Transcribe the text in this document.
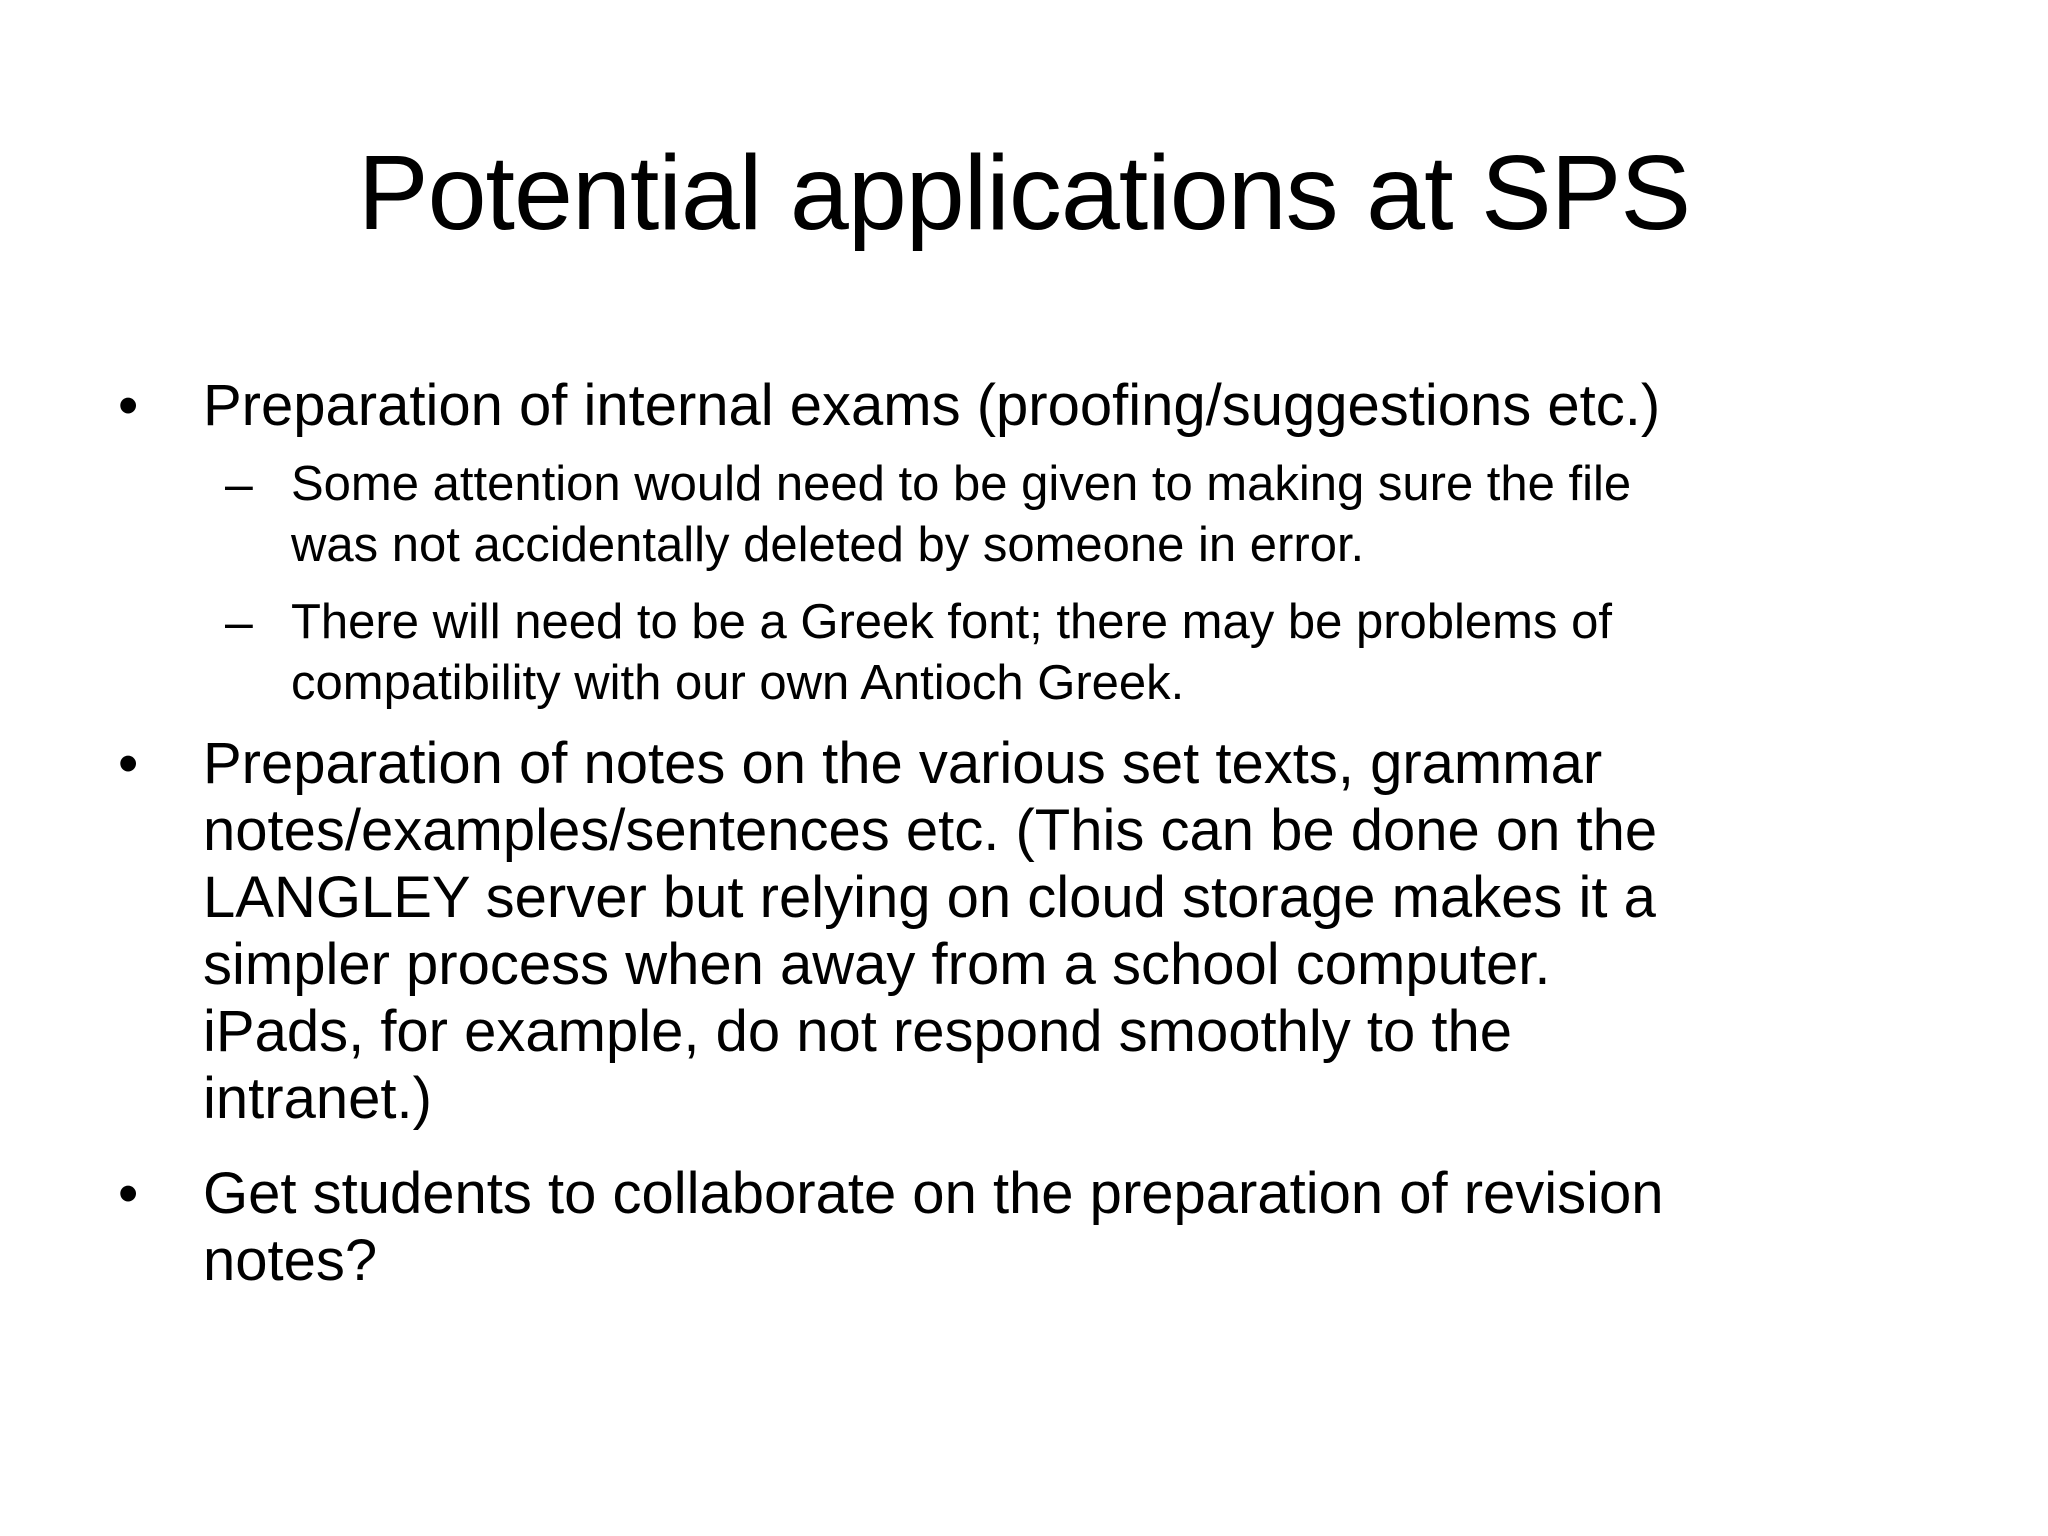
Potential applications at SPS
•	Preparation of internal exams (proofing/suggestions etc.)
– Some attention would need to be given to making sure the file
was not accidentally deleted by someone in error.
– There will need to be a Greek font; there may be problems of
compatibility with our own Antioch Greek.
•	Preparation of notes on the various set texts, grammar
notes/examples/sentences etc. (This can be done on the
LANGLEY server but relying on cloud storage makes it a
simpler process when away from a school computer.
iPads, for example, do not respond smoothly to the
intranet.)
•	Get students to collaborate on the preparation of revision
notes?
